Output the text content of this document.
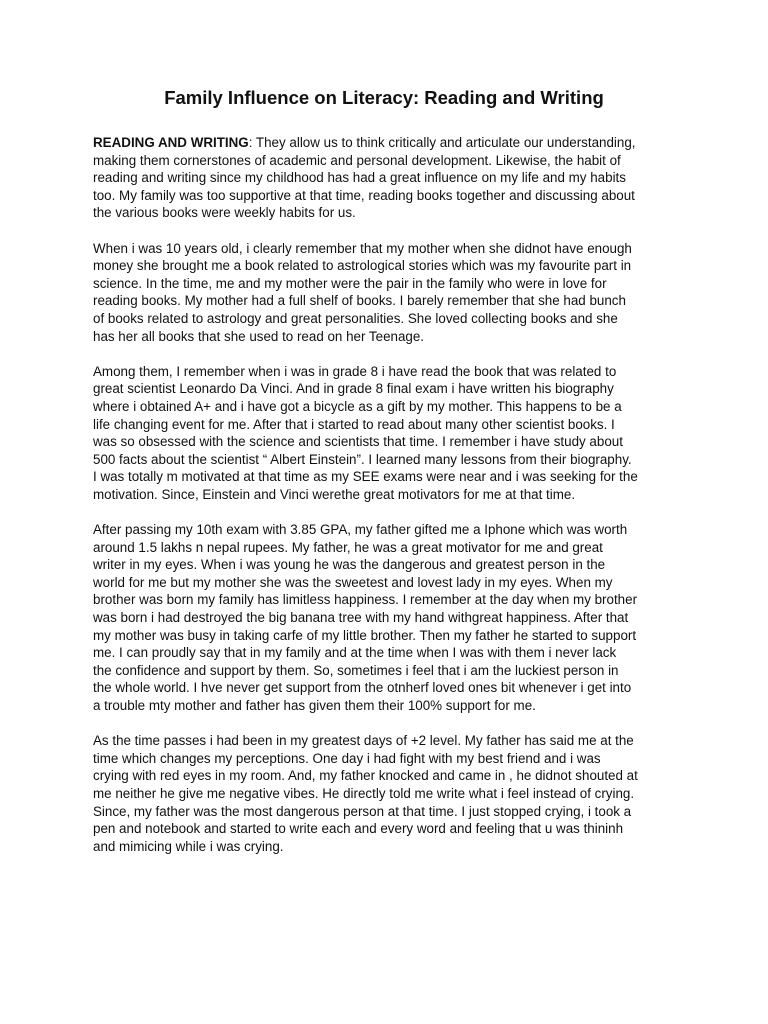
Family Influence on Literacy: Reading and Writing

READING AND WRITING: They allow us to think critically and articulate our understanding, making them cornerstones of academic and personal development. Likewise, the habit of reading and writing since my childhood has had a great influence on my life and my habits too. My family was too supportive at that time, reading books together and discussing about the various books were weekly habits for us.

When i was 10 years old, i clearly remember that my mother when she didnot have enough money she brought me a book related to astrological stories which was my favourite part in science. In the time, me and my mother were the pair in the family who were in love for reading books. My mother had a full shelf of books. I barely remember that she had bunch of books related to astrology and great personalities. She loved collecting books and she has her all books that she used to read on her Teenage.

Among them, I remember when i was in grade 8 i have read the book that was related to great scientist Leonardo Da Vinci. And in grade 8 final exam i have written his biography where i obtained A+ and i have got a bicycle as a gift by my mother. This happens to be a life changing event for me. After that i started to read about many other scientist books. I was so obsessed with the science and scientists that time. I remember i have study about 500 facts about the scientist “ Albert Einstein”. I learned many lessons from their biography. I was totally m motivated at that time as my SEE exams were near and i was seeking for the motivation. Since, Einstein and Vinci werethe great motivators for me at that time.

After passing my 10th exam with 3.85 GPA, my father gifted me a Iphone which was worth around 1.5 lakhs n nepal rupees. My father, he was a great motivator for me and great writer in my eyes. When i was young he was the dangerous and greatest person in the world for me but my mother she was the sweetest and lovest lady in my eyes. When my brother was born my family has limitless happiness. I remember at the day when my brother was born i had destroyed the big banana tree with my hand withgreat happiness. After that my mother was busy in taking carfe of my little brother. Then my father he started to support me. I can proudly say that in my family and at the time when I was with them i never lack the confidence and support by them. So, sometimes i feel that i am the luckiest person in the whole world. I hve never get support from the otnherf loved ones bit whenever i get into a trouble mty mother and father has given them their 100% support for me.

As the time passes i had been in my greatest days of +2 level. My father has said me at the time which changes my perceptions. One day i had fight with my best friend and i was crying with red eyes in my room. And, my father knocked and came in , he didnot shouted at me neither he give me negative vibes. He directly told me write what i feel instead of crying. Since, my father was the most dangerous person at that time. I just stopped crying, i took a pen and notebook and started to write each and every word and feeling that u was thininh and mimicing while i was crying.
